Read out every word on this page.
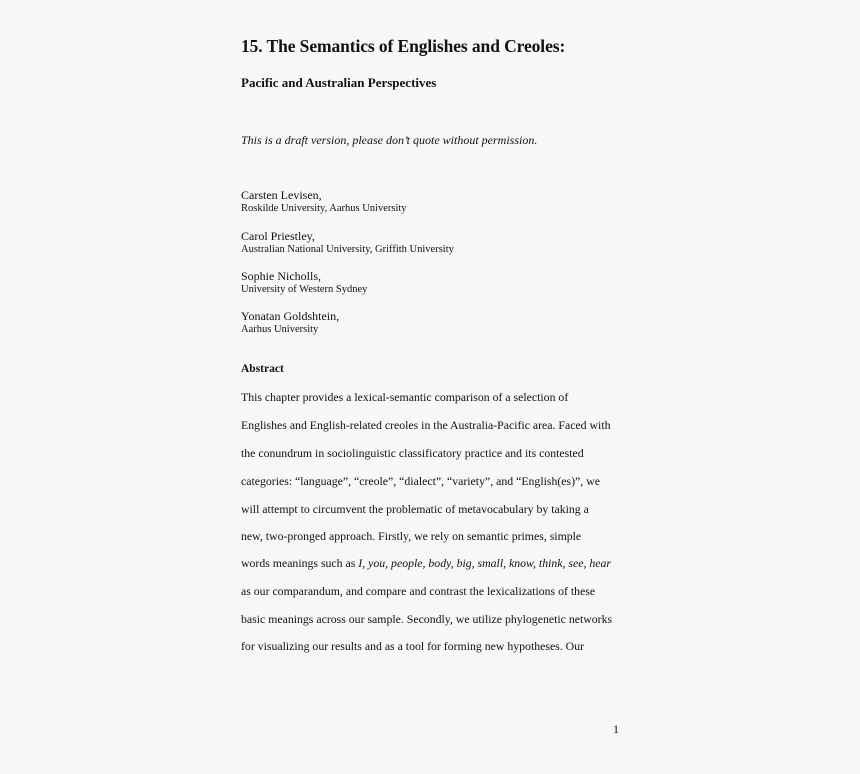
15. The Semantics of Englishes and Creoles:
Pacific and Australian Perspectives
This is a draft version, please don’t quote without permission.
Carsten Levisen,
Roskilde University, Aarhus University
Carol Priestley,
Australian National University, Griffith University
Sophie Nicholls,
University of Western Sydney
Yonatan Goldshtein,
Aarhus University
Abstract
This chapter provides a lexical-semantic comparison of a selection of
Englishes and English-related creoles in the Australia-Pacific area. Faced with
the conundrum in sociolinguistic classificatory practice and its contested
categories: “language”, “creole”, “dialect”, “variety”, and “English(es)”, we
will attempt to circumvent the problematic of metavocabulary by taking a
new, two-pronged approach. Firstly, we rely on semantic primes, simple
words meanings such as I, you, people, body, big, small, know, think, see, hear
as our comparandum, and compare and contrast the lexicalizations of these
basic meanings across our sample. Secondly, we utilize phylogenetic networks
for visualizing our results and as a tool for forming new hypotheses. Our
1
